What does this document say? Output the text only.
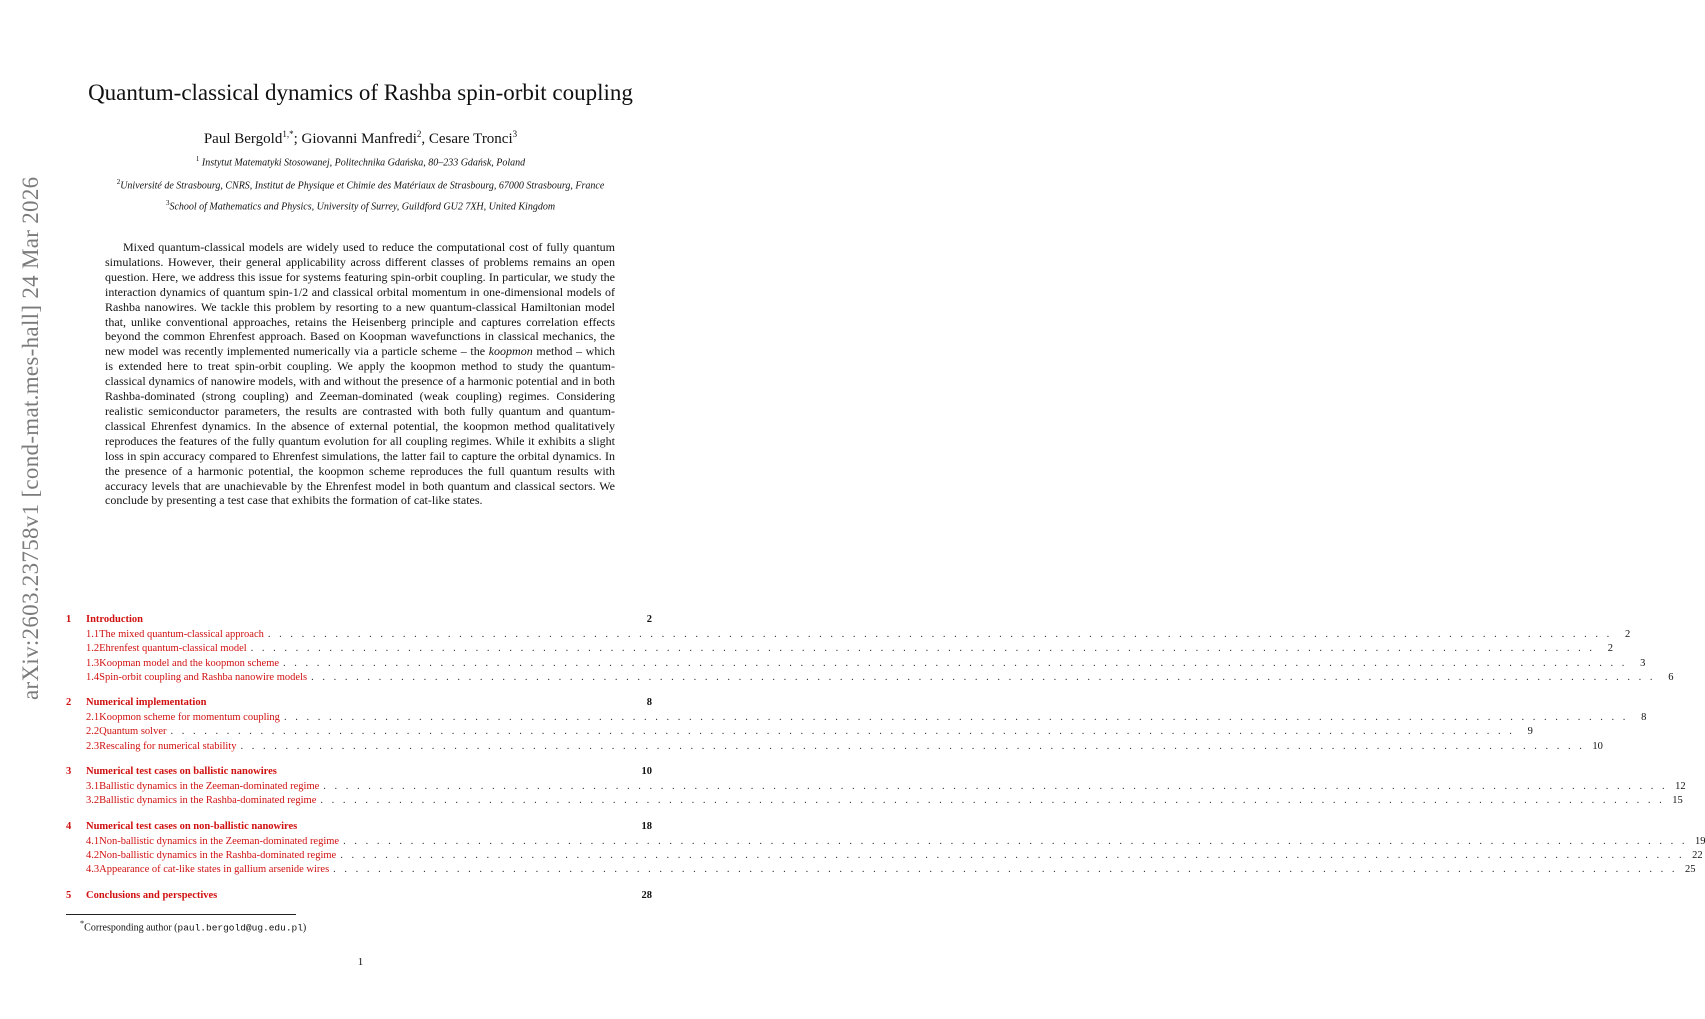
arXiv:2603.23758v1 [cond-mat.mes-hall] 24 Mar 2026
Quantum-classical dynamics of Rashba spin-orbit coupling
Paul Bergold$^{1,*}$; Giovanni Manfredi$^2$, Cesare Tronci$^3$
$^1$ Instytut Matematyki Stosowanej, Politechnika Gdańska, 80–233 Gdańsk, Poland
$^2$Université de Strasbourg, CNRS, Institut de Physique et Chimie des Matériaux de Strasbourg, 67000 Strasbourg, France
$^3$School of Mathematics and Physics, University of Surrey, Guildford GU2 7XH, United Kingdom

Mixed quantum-classical models are widely used to reduce the computational cost of fully quantum simulations. However, their general applicability across different classes of problems remains an open question. Here, we address this issue for systems featuring spin-orbit coupling. In particular, we study the interaction dynamics of quantum spin-1/2 and classical orbital momentum in one-dimensional models of Rashba nanowires. We tackle this problem by resorting to a new quantum-classical Hamiltonian model that, unlike conventional approaches, retains the Heisenberg principle and captures correlation effects beyond the common Ehrenfest approach. Based on Koopman wavefunctions in classical mechanics, the new model was recently implemented numerically via a particle scheme – the koopmon method – which is extended here to treat spin-orbit coupling. We apply the koopmon method to study the quantum-classical dynamics of nanowire models, with and without the presence of a harmonic potential and in both Rashba-dominated (strong coupling) and Zeeman-dominated (weak coupling) regimes. Considering realistic semiconductor parameters, the results are contrasted with both fully quantum and quantum-classical Ehrenfest dynamics. In the absence of external potential, the koopmon method qualitatively reproduces the features of the fully quantum evolution for all coupling regimes. While it exhibits a slight loss in spin accuracy compared to Ehrenfest simulations, the latter fail to capture the orbital dynamics. In the presence of a harmonic potential, the koopmon scheme reproduces the full quantum results with accuracy levels that are unachievable by the Ehrenfest model in both quantum and classical sectors. We conclude by presenting a test case that exhibits the formation of cat-like states.

1	Introduction	2
1.1 The mixed quantum-classical approach . . . . . . . . . . . . . . . . . . . . . . . . . . . . . . . . . . . . . . . . . . . . . . . . . . . . . . . . . . . . . . . . . . . . . . . . . . . . . . . . . . . . . . . . . . . . . . . . . . . . . . . . . . . . . . . . . . . . . . . .	2
1.2 Ehrenfest quantum-classical model . . . . . . . . . . . . . . . . . . . . . . . . . . . . . . . . . . . . . . . . . . . . . . . . . . . . . . . . . . . . . . . . . . . . . . . . . . . . . . . . . . . . . . . . . . . . . . . . . . . . . . . . . . . . . . . . . . . . . . . .	2
1.3 Koopman model and the koopmon scheme . . . . . . . . . . . . . . . . . . . . . . . . . . . . . . . . . . . . . . . . . . . . . . . . . . . . . . . . . . . . . . . . . . . . . . . . . . . . . . . . . . . . . . . . . . . . . . . . . . . . . . . . . . . . . . . . . . . . . . . .	3
1.4 Spin-orbit coupling and Rashba nanowire models . . . . . . . . . . . . . . . . . . . . . . . . . . . . . . . . . . . . . . . . . . . . . . . . . . . . . . . . . . . . . . . . . . . . . . . . . . . . . . . . . . . . . . . . . . . . . . . . . . . . . . . . . . . . . . . . . . . . . . . .	6
2	Numerical implementation	8
2.1 Koopmon scheme for momentum coupling . . . . . . . . . . . . . . . . . . . . . . . . . . . . . . . . . . . . . . . . . . . . . . . . . . . . . . . . . . . . . . . . . . . . . . . . . . . . . . . . . . . . . . . . . . . . . . . . . . . . . . . . . . . . . . . . . . . . . . . .	8
2.2 Quantum solver . . . . . . . . . . . . . . . . . . . . . . . . . . . . . . . . . . . . . . . . . . . . . . . . . . . . . . . . . . . . . . . . . . . . . . . . . . . . . . . . . . . . . . . . . . . . . . . . . . . . . . . . . . . . . . . . . . . . . . . .	9
2.3 Rescaling for numerical stability . . . . . . . . . . . . . . . . . . . . . . . . . . . . . . . . . . . . . . . . . . . . . . . . . . . . . . . . . . . . . . . . . . . . . . . . . . . . . . . . . . . . . . . . . . . . . . . . . . . . . . . . . . . . . . . . . . . . . . . . 10
3	Numerical test cases on ballistic nanowires	10
3.1 Ballistic dynamics in the Zeeman-dominated regime . . . . . . . . . . . . . . . . . . . . . . . . . . . . . . . . . . . . . . . . . . . . . . . . . . . . . . . . . . . . . . . . . . . . . . . . . . . . . . . . . . . . . . . . . . . . . . . . . . . . . . . . . . . . . . . . . . . . . . . . 12
3.2 Ballistic dynamics in the Rashba-dominated regime . . . . . . . . . . . . . . . . . . . . . . . . . . . . . . . . . . . . . . . . . . . . . . . . . . . . . . . . . . . . . . . . . . . . . . . . . . . . . . . . . . . . . . . . . . . . . . . . . . . . . . . . . . . . . . . . . . . . . . . . 15
4	Numerical test cases on non-ballistic nanowires	18
4.1 Non-ballistic dynamics in the Zeeman-dominated regime . . . . . . . . . . . . . . . . . . . . . . . . . . . . . . . . . . . . . . . . . . . . . . . . . . . . . . . . . . . . . . . . . . . . . . . . . . . . . . . . . . . . . . . . . . . . . . . . . . . . . . . . . . . . . . . . . . . . . . . . 19
4.2 Non-ballistic dynamics in the Rashba-dominated regime . . . . . . . . . . . . . . . . . . . . . . . . . . . . . . . . . . . . . . . . . . . . . . . . . . . . . . . . . . . . . . . . . . . . . . . . . . . . . . . . . . . . . . . . . . . . . . . . . . . . . . . . . . . . . . . . . . . . . . . . 22
4.3 Appearance of cat-like states in gallium arsenide wires . . . . . . . . . . . . . . . . . . . . . . . . . . . . . . . . . . . . . . . . . . . . . . . . . . . . . . . . . . . . . . . . . . . . . . . . . . . . . . . . . . . . . . . . . . . . . . . . . . . . . . . . . . . . . . . . . . . . . . . . 25
5	Conclusions and perspectives	28
*Corresponding author (paul.bergold@ug.edu.pl)
1
